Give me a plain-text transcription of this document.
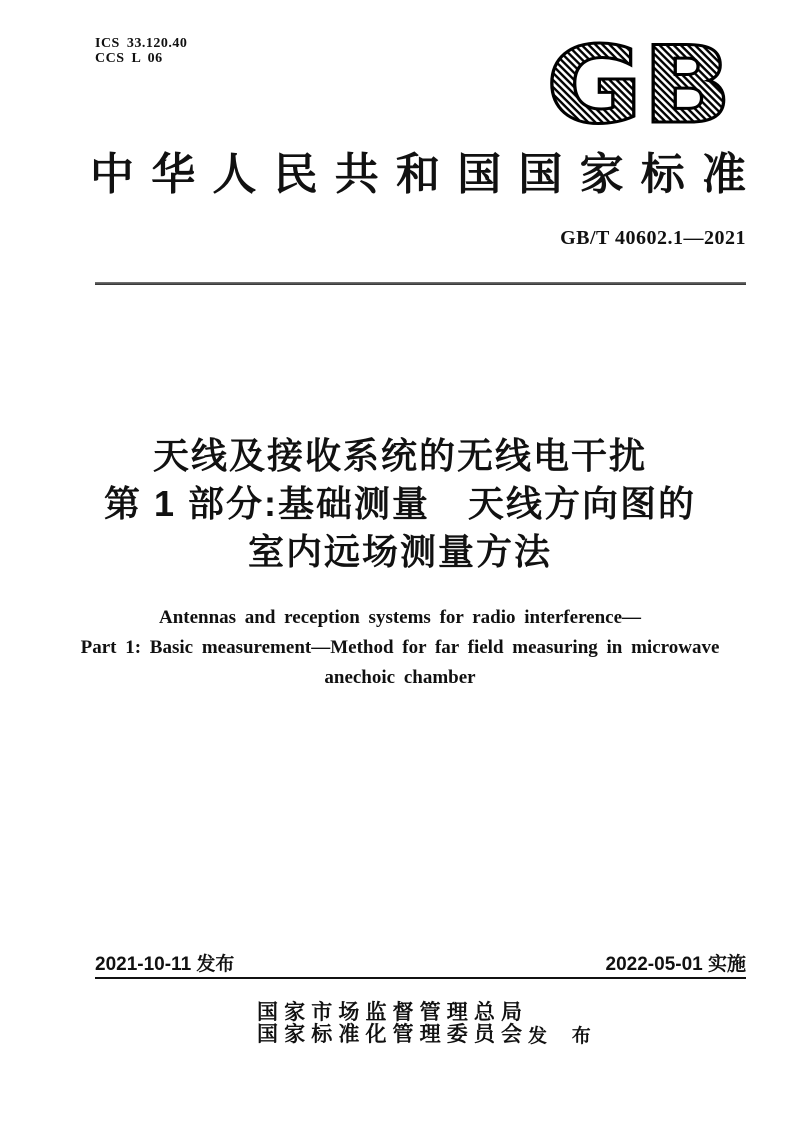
ICS 33.120.40
CCS L 06	GB
中华人民共和国国家标准
GB/T 40602.1—2021
天线及接收系统的无线电干扰
第 1 部分:基础测量　天线方向图的
室内远场测量方法
Antennas and reception systems for radio interference—
Part 1: Basic measurement—Method for far field measuring in microwave
anechoic chamber
2021-10-11 发布	2022-05-01 实施
国家市场监督管理总局
国家标准化管理委员会 发 布
